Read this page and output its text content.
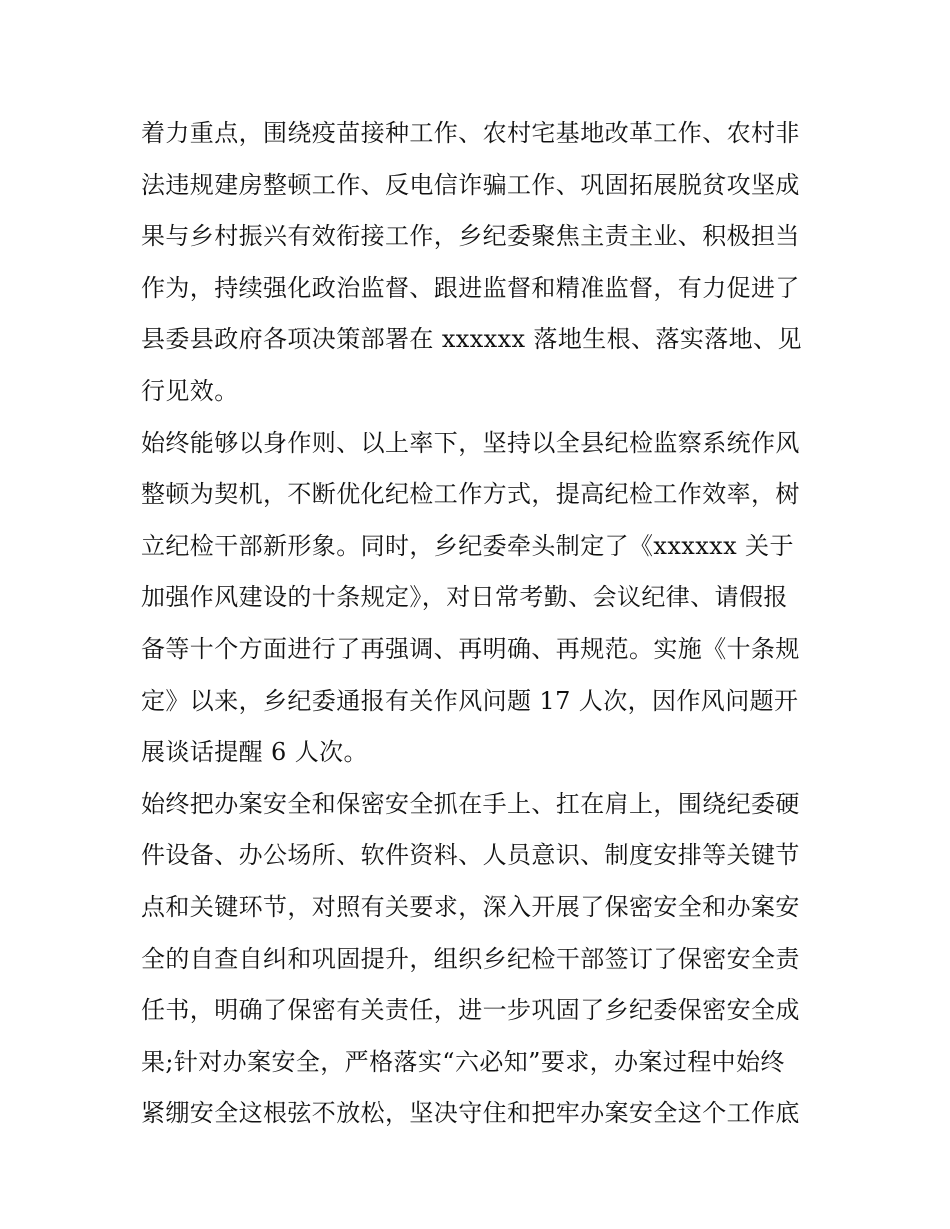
着力重点，围绕疫苗接种工作、农村宅基地改革工作、农村非
法违规建房整顿工作、反电信诈骗工作、巩固拓展脱贫攻坚成
果与乡村振兴有效衔接工作，乡纪委聚焦主责主业、积极担当
作为，持续强化政治监督、跟进监督和精准监督，有力促进了
县委县政府各项决策部署在 xxxxxx 落地生根、落实落地、见
行见效。
始终能够以身作则、以上率下，坚持以全县纪检监察系统作风
整顿为契机，不断优化纪检工作方式，提高纪检工作效率，树
立纪检干部新形象。同时，乡纪委牵头制定了《xxxxxx 关于
加强作风建设的十条规定》，对日常考勤、会议纪律、请假报
备等十个方面进行了再强调、再明确、再规范。实施《十条规
定》以来，乡纪委通报有关作风问题 17 人次，因作风问题开
展谈话提醒 6 人次。
始终把办案安全和保密安全抓在手上、扛在肩上，围绕纪委硬
件设备、办公场所、软件资料、人员意识、制度安排等关键节
点和关键环节，对照有关要求，深入开展了保密安全和办案安
全的自查自纠和巩固提升，组织乡纪检干部签订了保密安全责
任书，明确了保密有关责任，进一步巩固了乡纪委保密安全成
果;针对办案安全，严格落实“六必知”要求，办案过程中始终
紧绷安全这根弦不放松，坚决守住和把牢办案安全这个工作底
